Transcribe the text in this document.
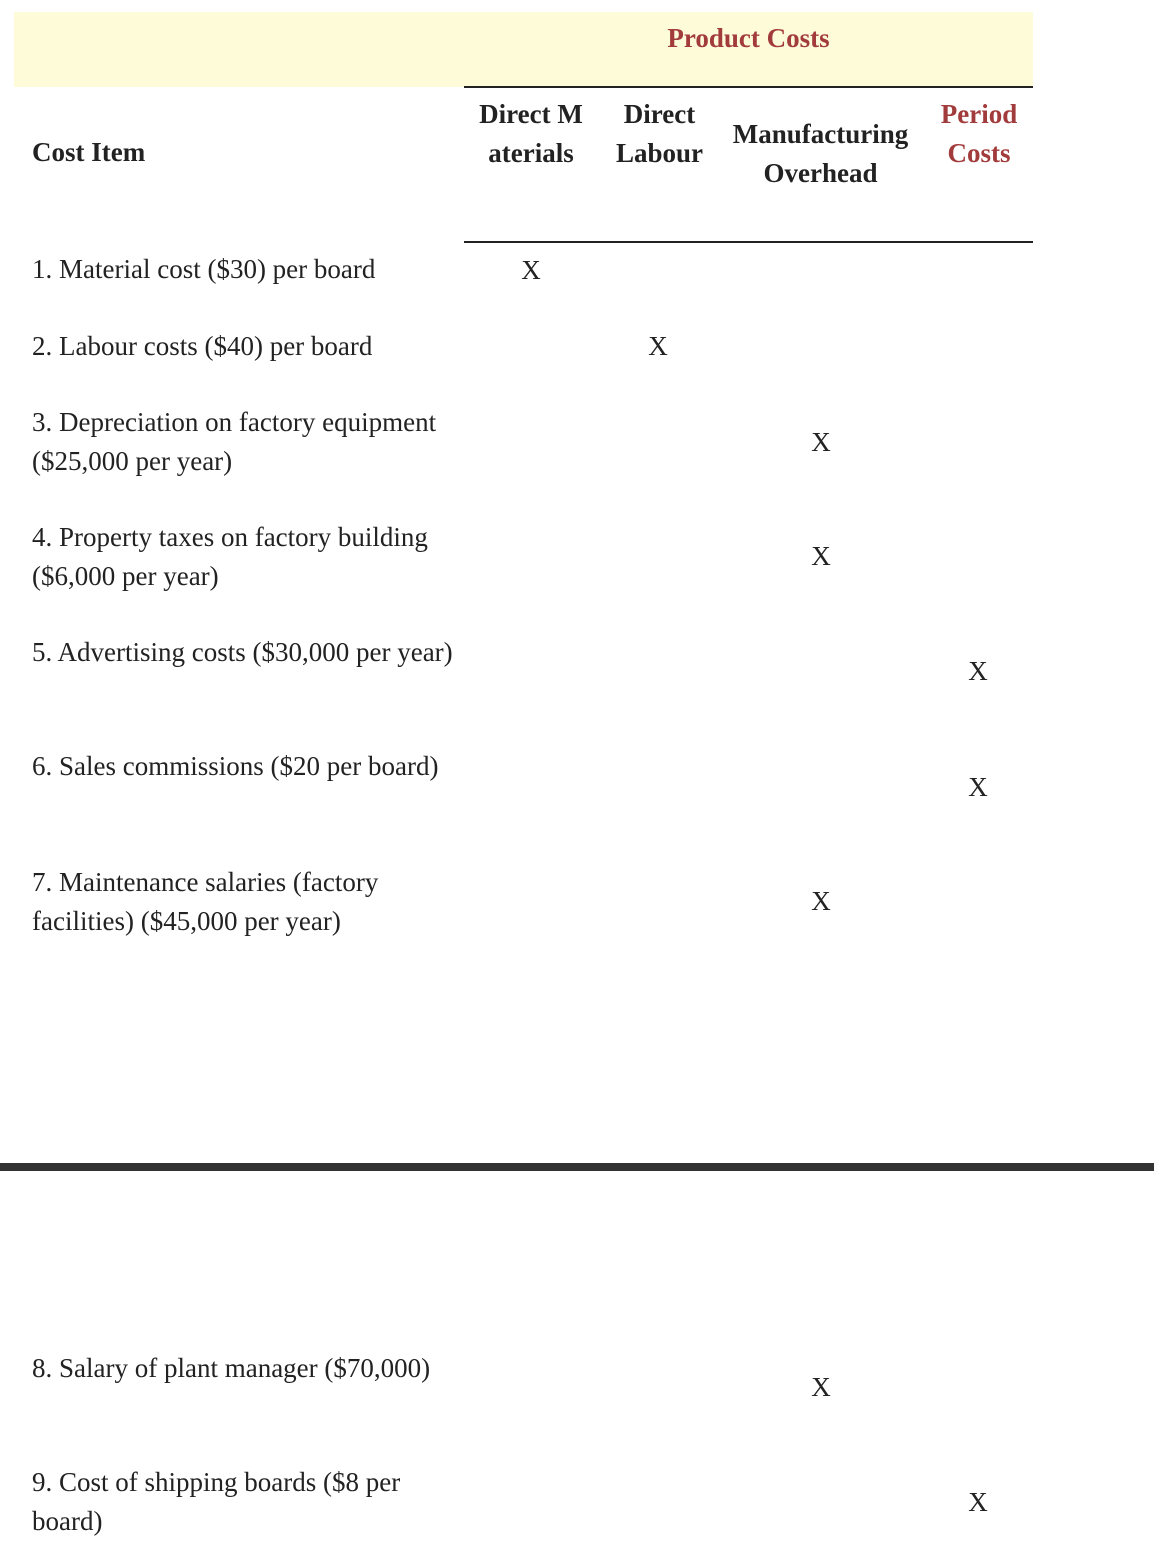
Product Costs
Cost Item
Direct Materials
Direct Labour
Manufacturing Overhead
Period Costs
1. Material cost ($30) per board	X
2. Labour costs ($40) per board	X
3. Depreciation on factory equipment ($25,000 per year)
X
4. Property taxes on factory building ($6,000 per year)
X
5. Advertising costs ($30,000 per year)
X
6. Sales commissions ($20 per board)
X
7. Maintenance salaries (factory facilities) ($45,000 per year)
X
8. Salary of plant manager ($70,000)
X
9. Cost of shipping boards ($8 per board)
X
